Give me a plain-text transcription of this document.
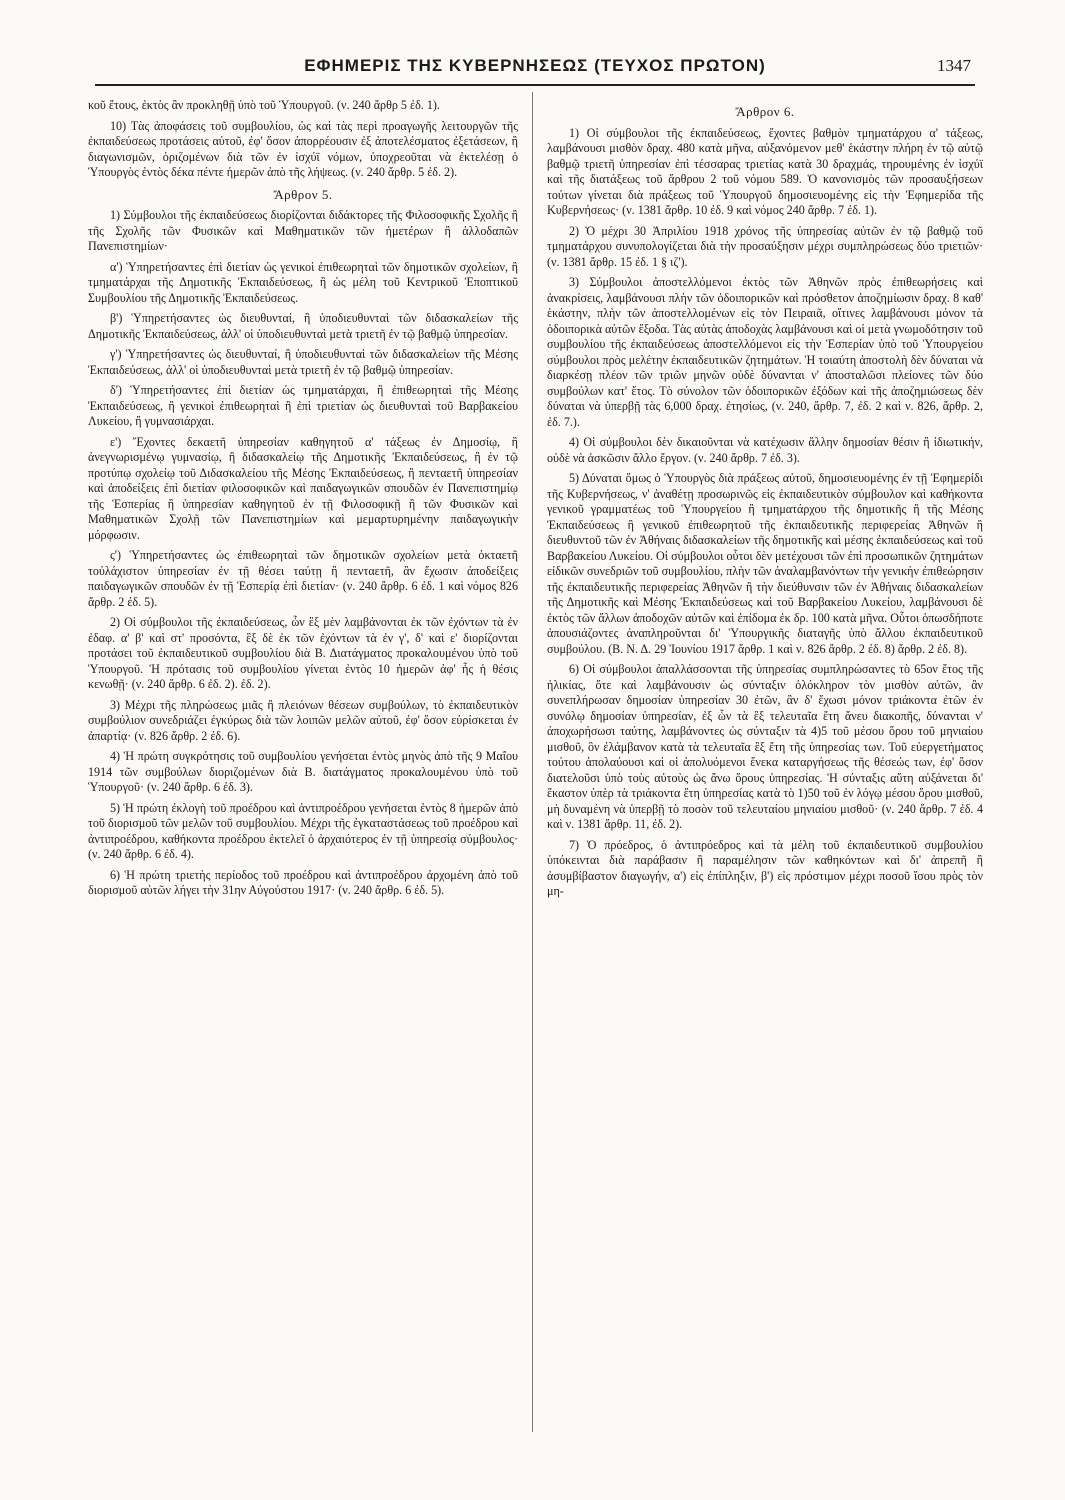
ΕΦΗΜΕΡΙΣ ΤΗΣ ΚΥΒΕΡΝΗΣΕΩΣ (ΤΕΥΧΟΣ ΠΡΩΤΟΝ)	1347

κοῦ ἔτους, ἐκτὸς ἂν προκληθῇ ὑπὸ τοῦ Ὑπουργοῦ. (ν. 240 ἄρθρ 5 ἐδ. 1).

10) Τὰς ἀποφάσεις τοῦ συμβουλίου, ὡς καὶ τὰς περὶ προαγωγῆς λειτουργῶν τῆς ἐκπαιδεύσεως προτάσεις αὐτοῦ, ἐφ' ὅσον ἀπορρέουσιν ἐξ ἀποτελέσματος ἐξετάσεων, ἢ διαγωνισμῶν, ὁριζομένων διὰ τῶν ἐν ἰσχύϊ νόμων, ὑποχρεοῦται νὰ ἐκτελέσῃ ὁ Ὑπουργὸς ἐντὸς δέκα πέντε ἡμερῶν ἀπὸ τῆς λήψεως. (ν. 240 ἄρθρ. 5 ἐδ. 2).

Ἄρθρον 5.

1) Σύμβουλοι τῆς ἐκπαιδεύσεως διορίζονται διδάκτορες τῆς Φιλοσοφικῆς Σχολῆς ἢ τῆς Σχολῆς τῶν Φυσικῶν καὶ Μαθηματικῶν τῶν ἡμετέρων ἢ ἀλλοδαπῶν Πανεπιστημίων·

α') Ὑπηρετήσαντες ἐπὶ διετίαν ὡς γενικοὶ ἐπιθεωρηταὶ τῶν δημοτικῶν σχολείων, ἢ τμηματάρχαι τῆς Δημοτικῆς Ἐκπαιδεύσεως, ἢ ὡς μέλη τοῦ Κεντρικοῦ Ἐποπτικοῦ Συμβουλίου τῆς Δημοτικῆς Ἐκπαιδεύσεως.

β') Ὑπηρετήσαντες ὡς διευθυνταί, ἢ ὑποδιευθυνταὶ τῶν διδασκαλείων τῆς Δημοτικῆς Ἐκπαιδεύσεως, ἀλλ' οἱ ὑποδιευθυνταὶ μετὰ τριετῆ ἐν τῷ βαθμῷ ὑπηρεσίαν.

γ') Ὑπηρετήσαντες ὡς διευθυνταί, ἢ ὑποδιευθυνταὶ τῶν διδασκαλείων τῆς Μέσης Ἐκπαιδεύσεως, ἀλλ' οἱ ὑποδιευθυνταὶ μετὰ τριετῆ ἐν τῷ βαθμῷ ὑπηρεσίαν.

δ') Ὑπηρετήσαντες ἐπὶ διετίαν ὡς τμηματάρχαι, ἢ ἐπιθεωρηταὶ τῆς Μέσης Ἐκπαιδεύσεως, ἢ γενικοὶ ἐπιθεωρηταὶ ἢ ἐπὶ τριετίαν ὡς διευθυνταὶ τοῦ Βαρβακείου Λυκείου, ἢ γυμνασιάρχαι.

ε') Ἔχοντες δεκαετῆ ὑπηρεσίαν καθηγητοῦ α' τάξεως ἐν Δημοσίῳ, ἢ ἀνεγνωρισμένῳ γυμνασίῳ, ἢ διδασκαλείῳ τῆς Δημοτικῆς Ἐκπαιδεύσεως, ἢ ἐν τῷ προτύπῳ σχολείῳ τοῦ Διδασκαλείου τῆς Μέσης Ἐκπαιδεύσεως, ἢ πενταετῆ ὑπηρεσίαν καὶ ἀποδείξεις ἐπὶ διετίαν φιλοσοφικῶν καὶ παιδαγωγικῶν σπουδῶν ἐν Πανεπιστημίῳ τῆς Ἑσπερίας ἢ ὑπηρεσίαν καθηγητοῦ ἐν τῇ Φιλοσοφικῇ ἢ τῶν Φυσικῶν καὶ Μαθηματικῶν Σχολῇ τῶν Πανεπιστημίων καὶ μεμαρτυρημένην παιδαγωγικὴν μόρφωσιν.

ς') Ὑπηρετήσαντες ὡς ἐπιθεωρηταὶ τῶν δημοτικῶν σχολείων μετὰ ὀκταετῆ τοὐλάχιστον ὑπηρεσίαν ἐν τῇ θέσει ταύτῃ ἢ πενταετῆ, ἂν ἔχωσιν ἀποδείξεις παιδαγωγικῶν σπουδῶν ἐν τῇ Ἑσπερίᾳ ἐπὶ διετίαν· (ν. 240 ἄρθρ. 6 ἐδ. 1 καὶ νόμος 826 ἄρθρ. 2 ἐδ. 5).

2) Οἱ σύμβουλοι τῆς ἐκπαιδεύσεως, ὧν ἓξ μὲν λαμβάνονται ἐκ τῶν ἐχόντων τὰ ἐν ἐδαφ. α' β' καὶ στ' προσόντα, ἓξ δὲ ἐκ τῶν ἐχόντων τὰ ἐν γ', δ' καὶ ε' διορίζονται προτάσει τοῦ ἐκπαιδευτικοῦ συμβουλίου διὰ Β. Διατάγματος προκαλουμένου ὑπὸ τοῦ Ὑπουργοῦ. Ἡ πρότασις τοῦ συμβουλίου γίνεται ἐντὸς 10 ἡμερῶν ἀφ' ἧς ἡ θέσις κενωθῇ· (ν. 240 ἄρθρ. 6 ἐδ. 2). ἐδ. 2).

3) Μέχρι τῆς πληρώσεως μιᾶς ἢ πλειόνων θέσεων συμβούλων, τὸ ἐκπαιδευτικὸν συμβούλιον συνεδριάζει ἐγκύρως διὰ τῶν λοιπῶν μελῶν αὐτοῦ, ἐφ' ὅσον εὑρίσκεται ἐν ἀπαρτίᾳ· (ν. 826 ἄρθρ. 2 ἐδ. 6).

4) Ἡ πρώτη συγκρότησις τοῦ συμβουλίου γενήσεται ἐντὸς μηνὸς ἀπὸ τῆς 9 Μαΐου 1914 τῶν συμβούλων διοριζομένων διὰ Β. διατάγματος προκαλουμένου ὑπὸ τοῦ Ὑπουργοῦ· (ν. 240 ἄρθρ. 6 ἐδ. 3).

5) Ἡ πρώτη ἐκλογὴ τοῦ προέδρου καὶ ἀντιπροέδρου γενήσεται ἐντὸς 8 ἡμερῶν ἀπὸ τοῦ διορισμοῦ τῶν μελῶν τοῦ συμβουλίου. Μέχρι τῆς ἐγκαταστάσεως τοῦ προέδρου καὶ ἀντιπροέδρου, καθήκοντα προέδρου ἐκτελεῖ ὁ ἀρχαιότερος ἐν τῇ ὑπηρεσίᾳ σύμβουλος· (ν. 240 ἄρθρ. 6 ἐδ. 4).

6) Ἡ πρώτη τριετὴς περίοδος τοῦ προέδρου καὶ ἀντιπροέδρου ἀρχομένη ἀπὸ τοῦ διορισμοῦ αὐτῶν λήγει τὴν 31ην Αὐγούστου 1917· (ν. 240 ἄρθρ. 6 ἐδ. 5).

Ἄρθρον 6.

1) Οἱ σύμβουλοι τῆς ἐκπαιδεύσεως, ἔχοντες βαθμὸν τμηματάρχου α' τάξεως, λαμβάνουσι μισθὸν δραχ. 480 κατὰ μῆνα, αὐξανόμενον μεθ' ἑκάστην πλήρη ἐν τῷ αὐτῷ βαθμῷ τριετῆ ὑπηρεσίαν ἐπὶ τέσσαρας τριετίας κατὰ 30 δραχμάς, τηρουμένης ἐν ἰσχύϊ καὶ τῆς διατάξεως τοῦ ἄρθρου 2 τοῦ νόμου 589. Ὁ κανονισμὸς τῶν προσαυξήσεων τούτων γίνεται διὰ πράξεως τοῦ Ὑπουργοῦ δημοσιευομένης εἰς τὴν Ἐφημερίδα τῆς Κυβερνήσεως· (ν. 1381 ἄρθρ. 10 ἐδ. 9 καὶ νόμος 240 ἄρθρ. 7 ἐδ. 1).

2) Ὁ μέχρι 30 Ἀπριλίου 1918 χρόνος τῆς ὑπηρεσίας αὐτῶν ἐν τῷ βαθμῷ τοῦ τμηματάρχου συνυπολογίζεται διὰ τὴν προσαύξησιν μέχρι συμπληρώσεως δύο τριετιῶν· (ν. 1381 ἄρθρ. 15 ἐδ. 1 § ιζ').

3) Σύμβουλοι ἀποστελλόμενοι ἐκτὸς τῶν Ἀθηνῶν πρὸς ἐπιθεωρήσεις καὶ ἀνακρίσεις, λαμβάνουσι πλὴν τῶν ὁδοιπορικῶν καὶ πρόσθετον ἀποζημίωσιν δραχ. 8 καθ' ἑκάστην, πλὴν τῶν ἀποστελλομένων εἰς τὸν Πειραιᾶ, οἵτινες λαμβάνουσι μόνον τὰ ὁδοιπορικὰ αὐτῶν ἔξοδα. Τὰς αὐτὰς ἀποδοχὰς λαμβάνουσι καὶ οἱ μετὰ γνωμοδότησιν τοῦ συμβουλίου τῆς ἐκπαιδεύσεως ἀποστελλόμενοι εἰς τὴν Ἑσπερίαν ὑπὸ τοῦ Ὑπουργείου σύμβουλοι πρὸς μελέτην ἐκπαιδευτικῶν ζητημάτων. Ἡ τοιαύτη ἀποστολὴ δὲν δύναται νὰ διαρκέσῃ πλέον τῶν τριῶν μηνῶν οὐδὲ δύνανται ν' ἀποσταλῶσι πλείονες τῶν δύο συμβούλων κατ' ἔτος. Τὸ σύνολον τῶν ὁδοιπορικῶν ἐξόδων καὶ τῆς ἀποζημιώσεως δὲν δύναται νὰ ὑπερβῇ τὰς 6,000 δραχ. ἐτησίως, (ν. 240, ἄρθρ. 7, ἐδ. 2 καὶ ν. 826, ἄρθρ. 2, ἐδ. 7.).

4) Οἱ σύμβουλοι δὲν δικαιοῦνται νὰ κατέχωσιν ἄλλην δημοσίαν θέσιν ἢ ἰδιωτικήν, οὐδὲ νὰ ἀσκῶσιν ἄλλο ἔργον. (ν. 240 ἄρθρ. 7 ἐδ. 3).

5) Δύναται ὅμως ὁ Ὑπουργὸς διὰ πράξεως αὐτοῦ, δημοσιευομένης ἐν τῇ Ἐφημερίδι τῆς Κυβερνήσεως, ν' ἀναθέτῃ προσωρινῶς εἰς ἐκπαιδευτικὸν σύμβουλον καὶ καθήκοντα γενικοῦ γραμματέως τοῦ Ὑπουργείου ἢ τμηματάρχου τῆς δημοτικῆς ἢ τῆς Μέσης Ἐκπαιδεύσεως ἢ γενικοῦ ἐπιθεωρητοῦ τῆς ἐκπαιδευτικῆς περιφερείας Ἀθηνῶν ἢ διευθυντοῦ τῶν ἐν Ἀθήναις διδασκαλείων τῆς δημοτικῆς καὶ μέσης ἐκπαιδεύσεως καὶ τοῦ Βαρβακείου Λυκείου. Οἱ σύμβουλοι οὗτοι δὲν μετέχουσι τῶν ἐπὶ προσωπικῶν ζητημάτων εἰδικῶν συνεδριῶν τοῦ συμβουλίου, πλὴν τῶν ἀναλαμβανόντων τὴν γενικὴν ἐπιθεώρησιν τῆς ἐκπαιδευτικῆς περιφερείας Ἀθηνῶν ἢ τὴν διεύθυνσιν τῶν ἐν Ἀθήναις διδασκαλείων τῆς Δημοτικῆς καὶ Μέσης Ἐκπαιδεύσεως καὶ τοῦ Βαρβακείου Λυκείου, λαμβάνουσι δὲ ἐκτὸς τῶν ἄλλων ἀποδοχῶν αὐτῶν καὶ ἐπίδομα ἐκ δρ. 100 κατὰ μῆνα. Οὗτοι ὁπωσδήποτε ἀπουσιάζοντες ἀναπληροῦνται δι' Ὑπουργικῆς διαταγῆς ὑπὸ ἄλλου ἐκπαιδευτικοῦ συμβούλου. (Β. Ν. Δ. 29 Ἰουνίου 1917 ἄρθρ. 1 καὶ ν. 826 ἄρθρ. 2 ἐδ. 8) ἄρθρ. 2 ἐδ. 8).

6) Οἱ σύμβουλοι ἀπαλλάσσονται τῆς ὑπηρεσίας συμπληρώσαντες τὸ 65ον ἔτος τῆς ἡλικίας, ὅτε καὶ λαμβάνουσιν ὡς σύνταξιν ὁλόκληρον τὸν μισθὸν αὐτῶν, ἂν συνεπλήρωσαν δημοσίαν ὑπηρεσίαν 30 ἐτῶν, ἂν δ' ἔχωσι μόνον τριάκοντα ἐτῶν ἐν συνόλῳ δημοσίαν ὑπηρεσίαν, ἐξ ὧν τὰ ἓξ τελευταῖα ἔτη ἄνευ διακοπῆς, δύνανται ν' ἀποχωρήσωσι ταύτης, λαμβάνοντες ὡς σύνταξιν τὰ 4)5 τοῦ μέσου ὅρου τοῦ μηνιαίου μισθοῦ, ὃν ἐλάμβανον κατὰ τὰ τελευταῖα ἓξ ἔτη τῆς ὑπηρεσίας των. Τοῦ εὐεργετήματος τούτου ἀπολαύουσι καὶ οἱ ἀπολυόμενοι ἕνεκα καταργήσεως τῆς θέσεώς των, ἐφ' ὅσον διατελοῦσι ὑπὸ τοὺς αὐτοὺς ὡς ἄνω ὅρους ὑπηρεσίας. Ἡ σύνταξις αὕτη αὐξάνεται δι' ἕκαστον ὑπὲρ τὰ τριάκοντα ἔτη ὑπηρεσίας κατὰ τὸ 1)50 τοῦ ἐν λόγῳ μέσου ὅρου μισθοῦ, μὴ δυναμένη νὰ ὑπερβῇ τὸ ποσὸν τοῦ τελευταίου μηνιαίου μισθοῦ· (ν. 240 ἄρθρ. 7 ἐδ. 4 καὶ ν. 1381 ἄρθρ. 11, ἐδ. 2).

7) Ὁ πρόεδρος, ὁ ἀντιπρόεδρος καὶ τὰ μέλη τοῦ ἐκπαιδευτικοῦ συμβουλίου ὑπόκεινται διὰ παράβασιν ἢ παραμέλησιν τῶν καθηκόντων καὶ δι' ἀπρεπῆ ἢ ἀσυμβίβαστον διαγωγήν, α') εἰς ἐπίπληξιν, β') εἰς πρόστιμον μέχρι ποσοῦ ἴσου πρὸς τὸν μη-
